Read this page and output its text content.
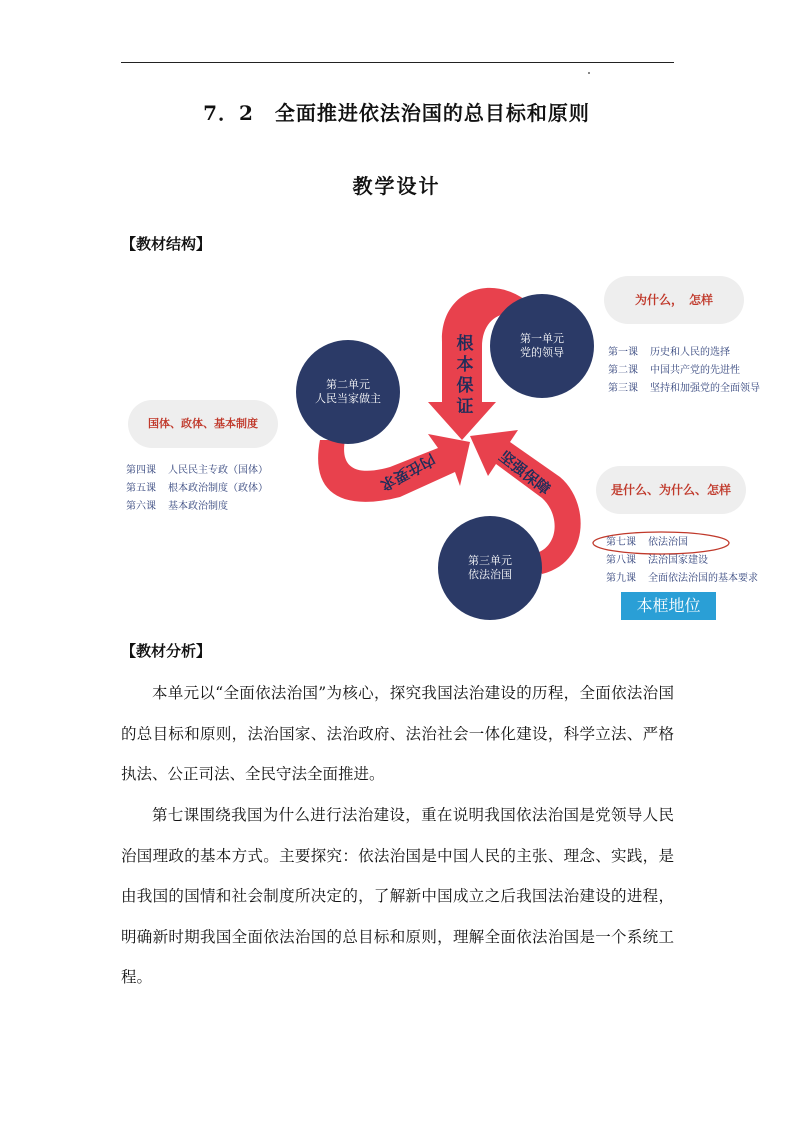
7．2　全面推进依法治国的总目标和原则
教学设计
【教材结构】
第一单元
党的领导
第二单元
人民当家做主
第三单元
依法治国
根
本
保
证
内在要求	坚强保障
为什么，　怎样
国体、政体、基本制度
是什么、为什么、怎样
第一课 历史和人民的选择
第二课 中国共产党的先进性
第三课 坚持和加强党的全面领导
第四课 人民民主专政（国体）
第五课 根本政治制度（政体）
第六课 基本政治制度
第七课 依法治国
第八课 法治国家建设
第九课 全面依法治国的基本要求
本框地位
【教材分析】

本单元以“全面依法治国”为核心，探究我国法治建设的历程，全面依法治国的总目标和原则，法治国家、法治政府、法治社会一体化建设，科学立法、严格执法、公正司法、全民守法全面推进。

第七课围绕我国为什么进行法治建设，重在说明我国依法治国是党领导人民治国理政的基本方式。主要探究：依法治国是中国人民的主张、理念、实践，是由我国的国情和社会制度所决定的，了解新中国成立之后我国法治建设的进程，明确新时期我国全面依法治国的总目标和原则，理解全面依法治国是一个系统工程。
